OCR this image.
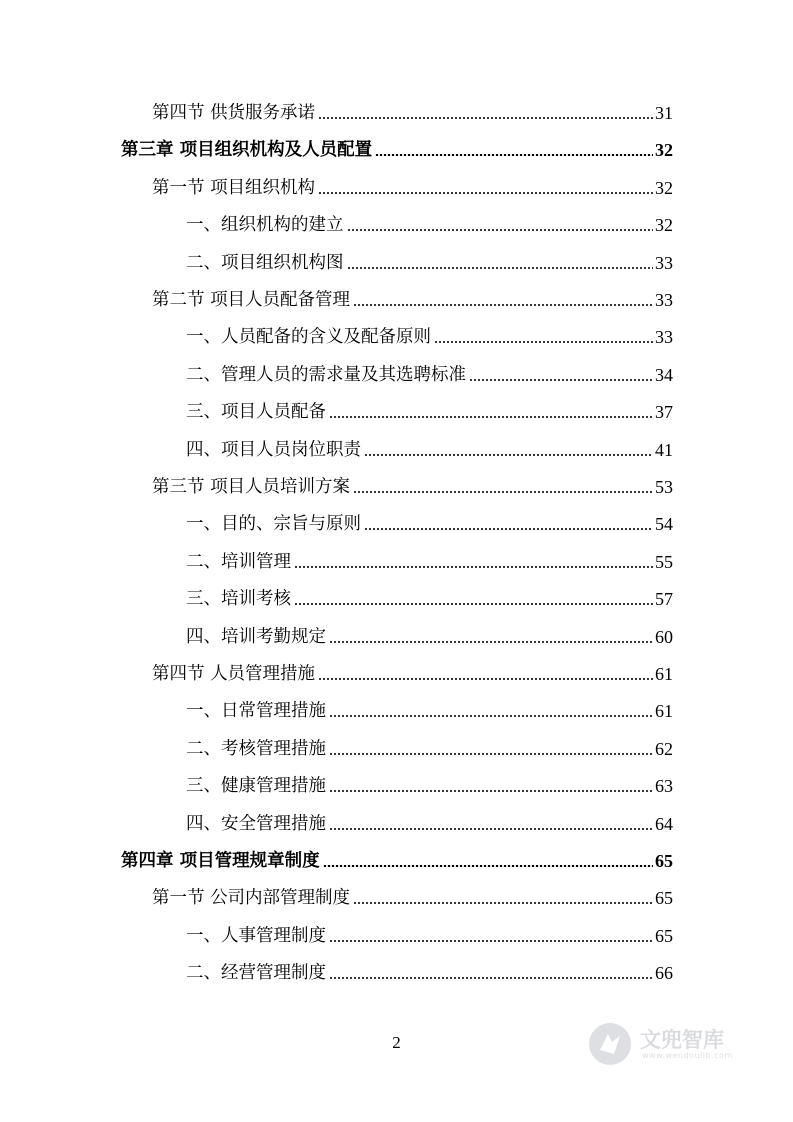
第四节 供货服务承诺	31
第三章 项目组织机构及人员配置	32
第一节 项目组织机构	32
一、组织机构的建立	32
二、项目组织机构图	33
第二节 项目人员配备管理	33
一、人员配备的含义及配备原则	33
二、管理人员的需求量及其选聘标准	34
三、项目人员配备	37
四、项目人员岗位职责	41
第三节 项目人员培训方案	53
一、目的、宗旨与原则	54
二、培训管理	55
三、培训考核	57
四、培训考勤规定	60
第四节 人员管理措施	61
一、日常管理措施	61
二、考核管理措施	62
三、健康管理措施	63
四、安全管理措施	64
第四章 项目管理规章制度	65
第一节 公司内部管理制度	65
一、人事管理制度	65
二、经营管理制度	66
2	文兜智库
www.wendoulib.com
